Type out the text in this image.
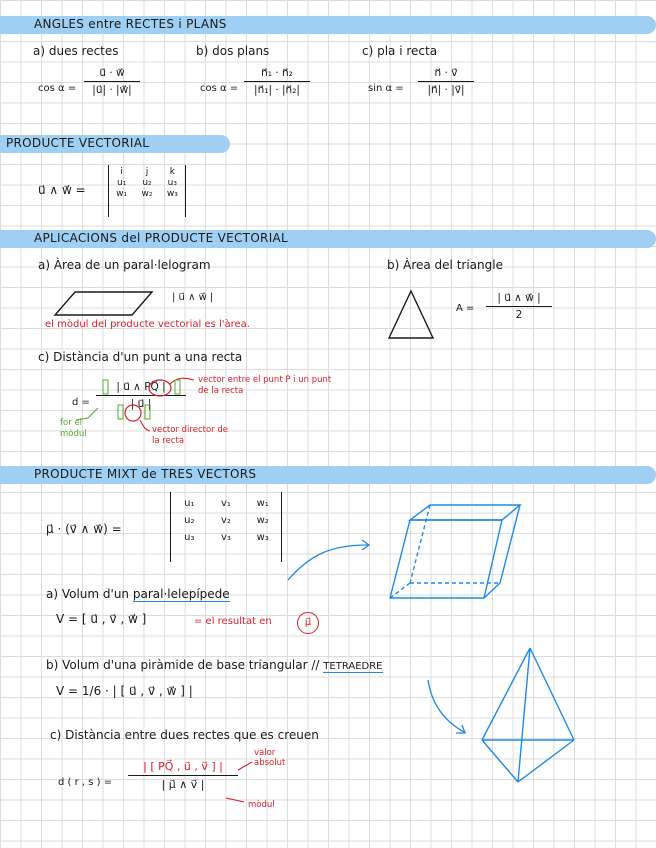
ANGLES entre RECTES i PLANS
a) dues rectes
cos α =
u⃗ · w⃗
|u⃗| · |w⃗|
b) dos plans
cos α =
n⃗₁ · n⃗₂
|n⃗₁| · |n⃗₂|
c) pla i recta
sin α =
n⃗ · v⃗
|n⃗| · |v⃗|
PRODUCTE VECTORIAL
u⃗ ∧ w⃗ =
i	j	k
u₁	u₂	u₃
w₁	w₂	w₃
APLICACIONS del PRODUCTE VECTORIAL
a) Àrea de un paral·lelogram
| u⃗ ∧ w⃗ |
el mòdul del producte vectorial es l'àrea.
b) Àrea del triangle
A =
| u⃗ ∧ w⃗ |
2
c) Distància d'un punt a una recta
d =
| u⃗ ∧ PQ⃗ |
| u⃗ |
vector entre el punt P i un punt de la recta
vector director de la recta
for el mòdul
PRODUCTE MIXT de TRES VECTORS
μ⃗ · (v⃗ ∧ w⃗) =
u₁	v₁	w₁
u₂	v₂	w₂
u₃	v₃	w₃
a) Volum d'un paral·lelepípede
V = [ u⃗ , v⃗ , w⃗ ]	= el resultat en	μ⃗
b) Volum d'una piràmide de base triangular // TETRAEDRE
V = 1/6 · | [ u⃗ , v⃗ , w⃗ ] |
c) Distància entre dues rectes que es creuen
d ( r , s ) =
| [ PQ⃗ , u⃗ , v⃗ ] |
| μ⃗ ∧ v⃗ |
valor absolut
mòdul
